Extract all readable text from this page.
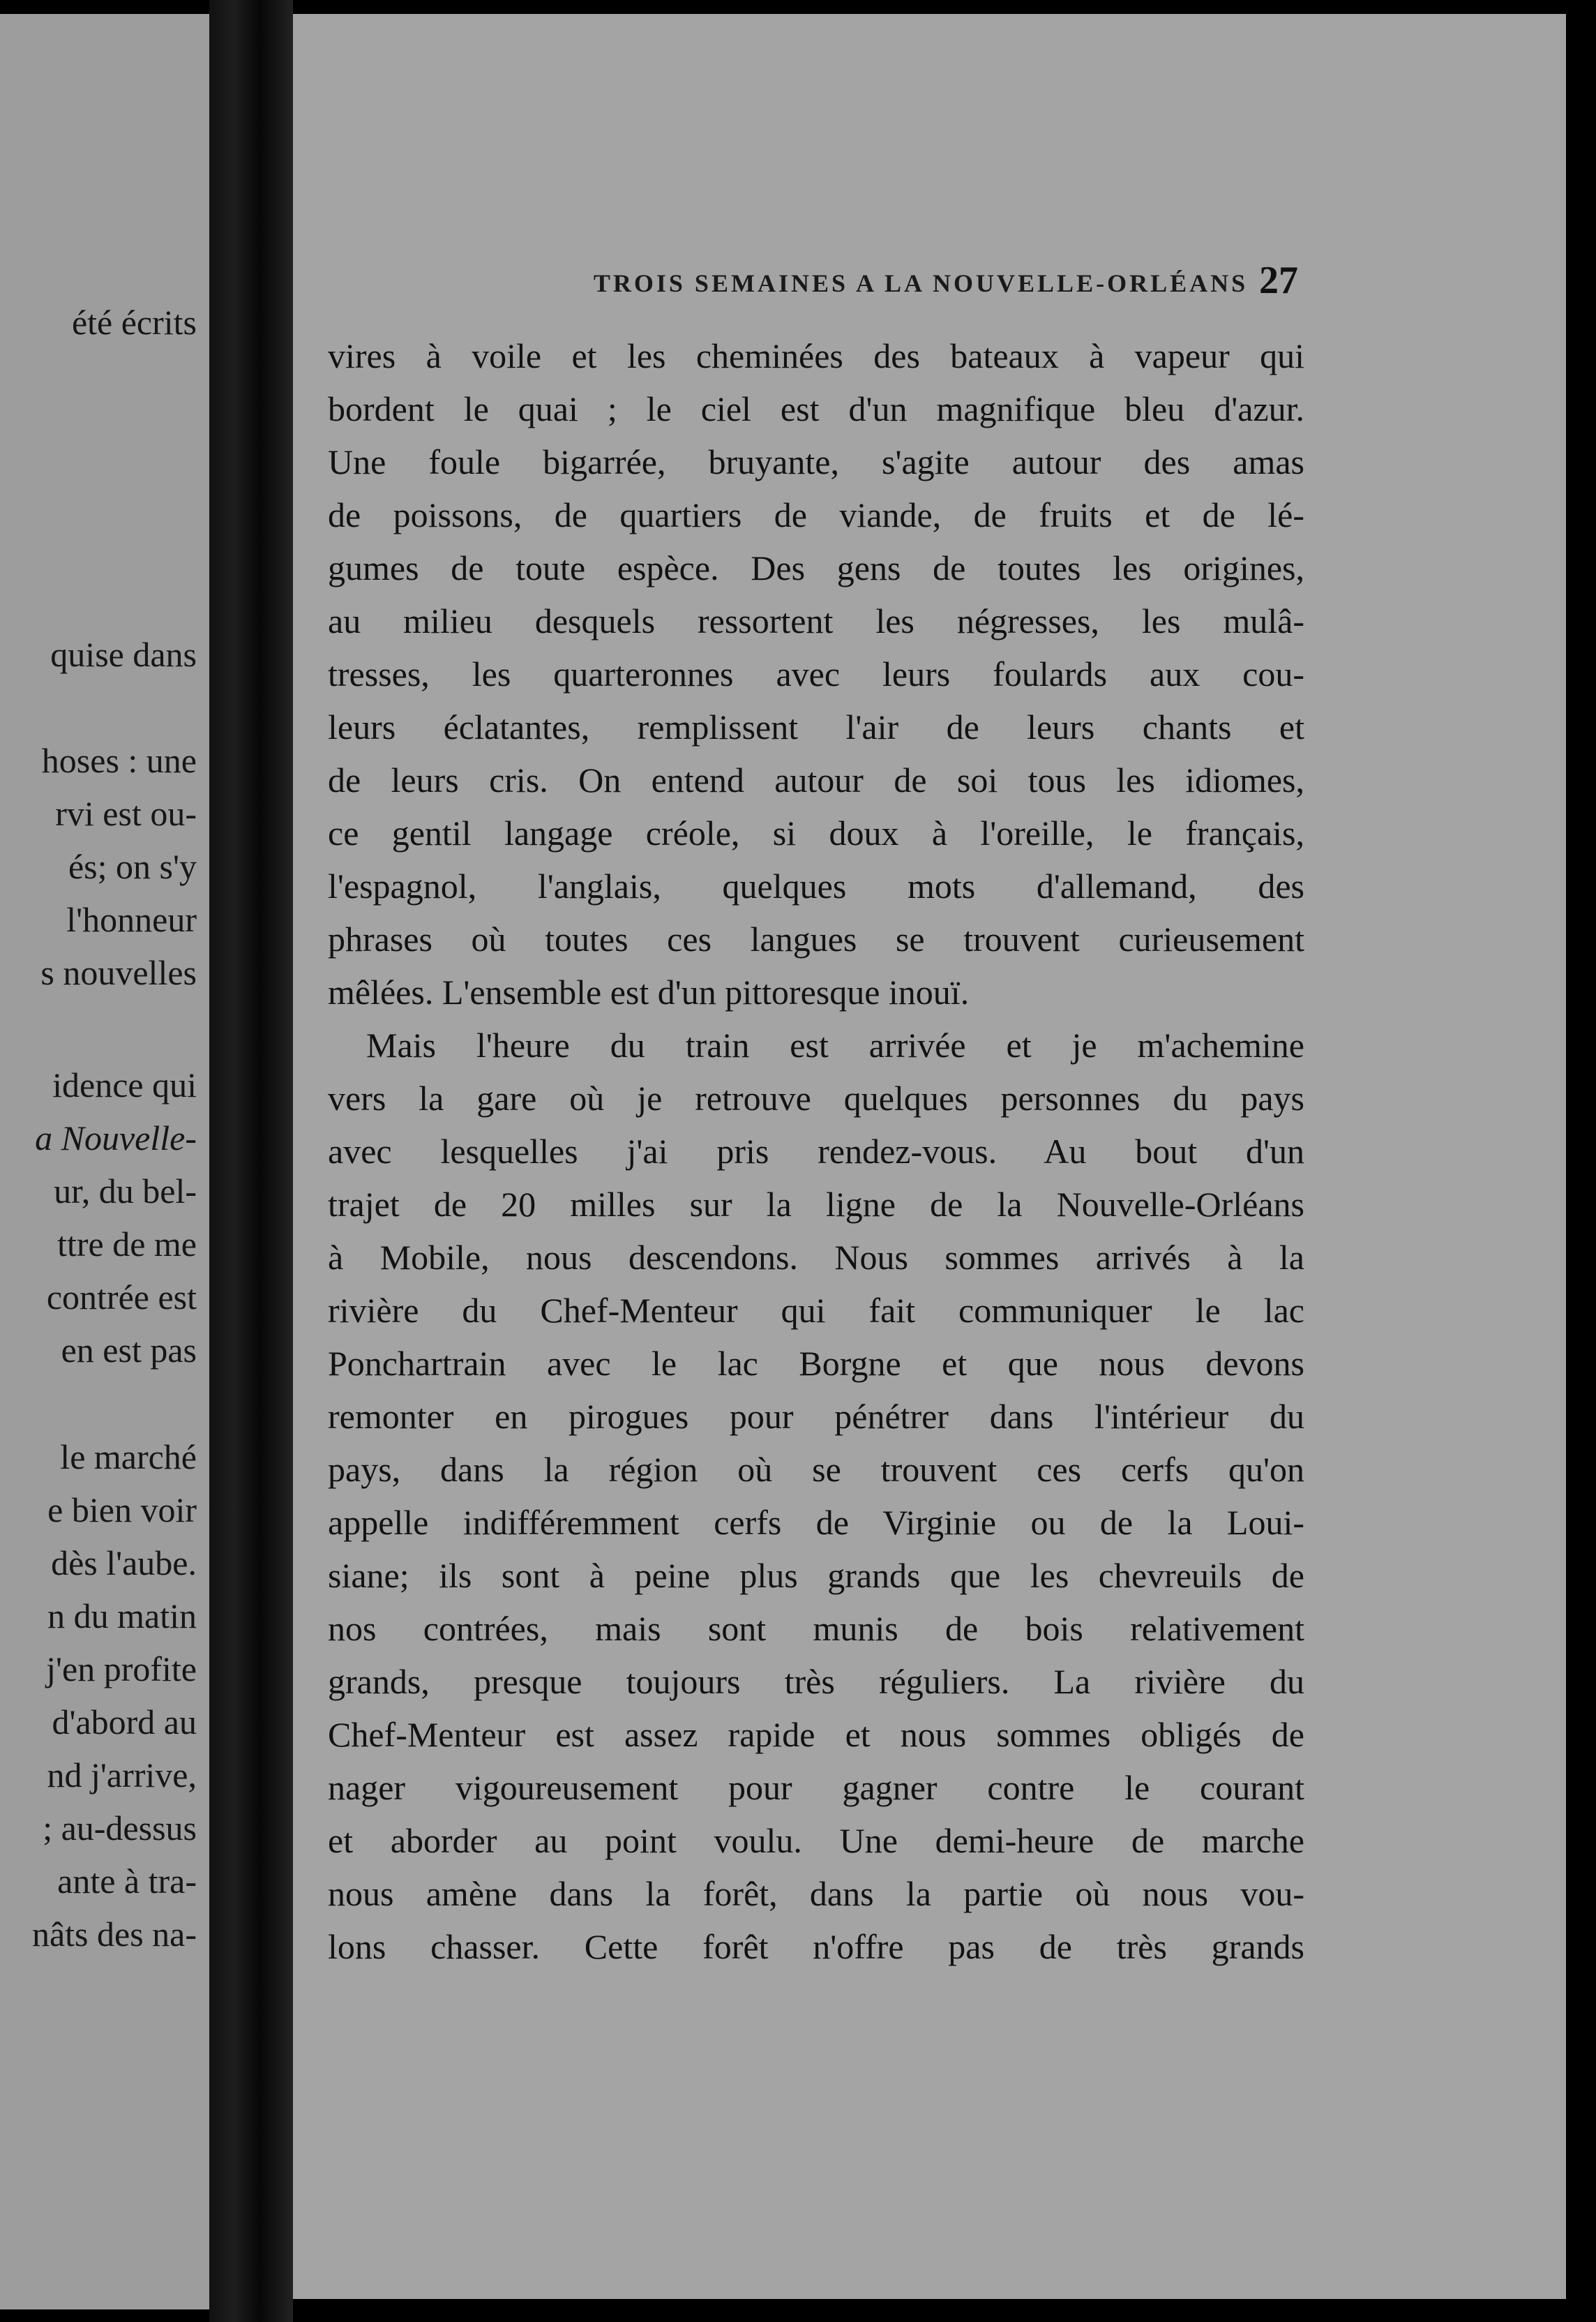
été écrits
quise dans
hoses : une
rvi est ou-
és; on s'y
l'honneur
s nouvelles
idence qui
a Nouvelle-
ur, du bel-
ttre de me
contrée est
en est pas
le marché
e bien voir
dès l'aube.
n du matin
j'en profite
d'abord au
nd j'arrive,
; au-dessus
ante à tra-
nâts des na-
TROIS SEMAINES A LA NOUVELLE-ORLÉANS 27
vires à voile et les cheminées des bateaux à vapeur qui
bordent le quai ; le ciel est d'un magnifique bleu d'azur.
Une foule bigarrée, bruyante, s'agite autour des amas
de poissons, de quartiers de viande, de fruits et de lé-
gumes de toute espèce. Des gens de toutes les origines,
au milieu desquels ressortent les négresses, les mulâ-
tresses, les quarteronnes avec leurs foulards aux cou-
leurs éclatantes, remplissent l'air de leurs chants et
de leurs cris. On entend autour de soi tous les idiomes,
ce gentil langage créole, si doux à l'oreille, le français,
l'espagnol, l'anglais, quelques mots d'allemand, des
phrases où toutes ces langues se trouvent curieusement
mêlées. L'ensemble est d'un pittoresque inouï.
Mais l'heure du train est arrivée et je m'achemine
vers la gare où je retrouve quelques personnes du pays
avec lesquelles j'ai pris rendez-vous. Au bout d'un
trajet de 20 milles sur la ligne de la Nouvelle-Orléans
à Mobile, nous descendons. Nous sommes arrivés à la
rivière du Chef-Menteur qui fait communiquer le lac
Ponchartrain avec le lac Borgne et que nous devons
remonter en pirogues pour pénétrer dans l'intérieur du
pays, dans la région où se trouvent ces cerfs qu'on
appelle indifféremment cerfs de Virginie ou de la Loui-
siane; ils sont à peine plus grands que les chevreuils de
nos contrées, mais sont munis de bois relativement
grands, presque toujours très réguliers. La rivière du
Chef-Menteur est assez rapide et nous sommes obligés de
nager vigoureusement pour gagner contre le courant
et aborder au point voulu. Une demi-heure de marche
nous amène dans la forêt, dans la partie où nous vou-
lons chasser. Cette forêt n'offre pas de très grands
